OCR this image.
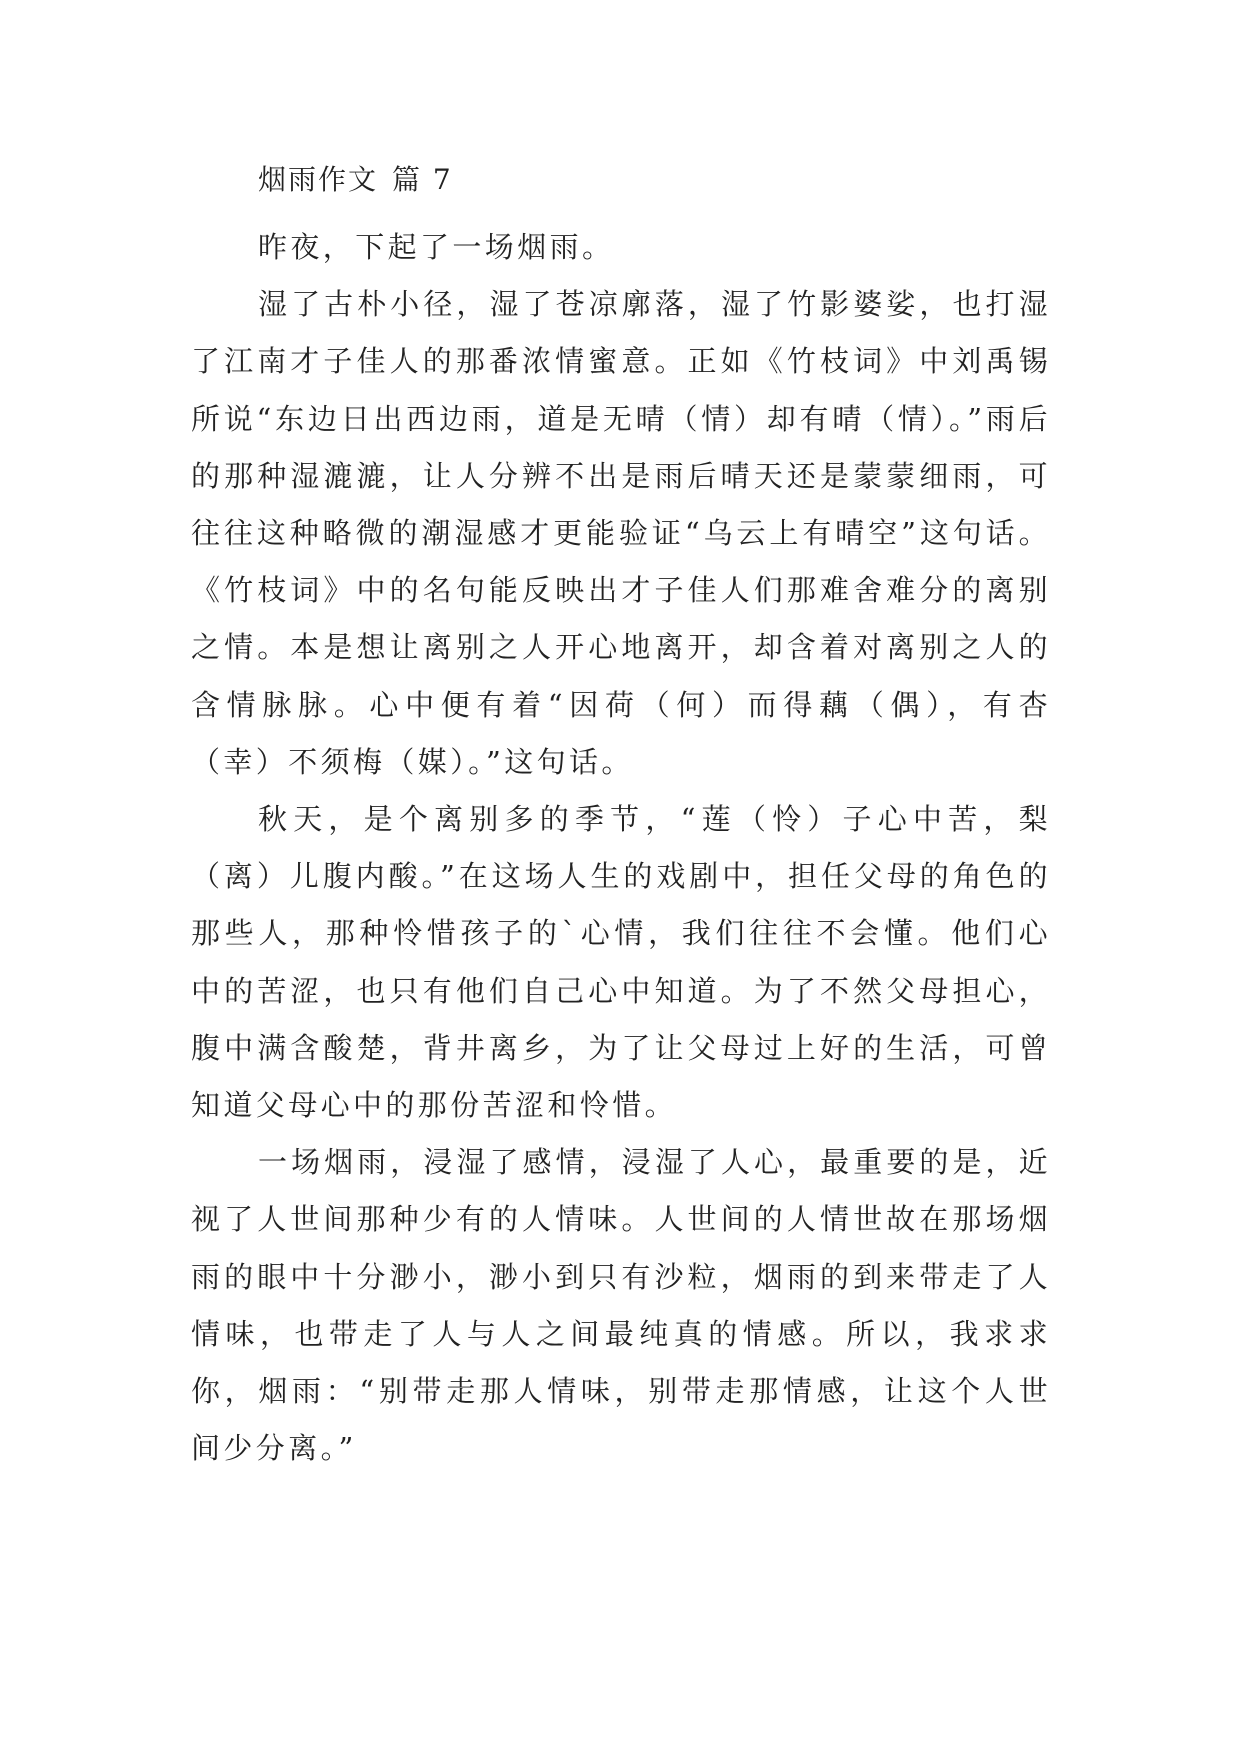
烟雨作文 篇 7

昨夜，下起了一场烟雨。

湿了古朴小径，湿了苍凉廓落，湿了竹影婆娑，也打湿了江南才子佳人的那番浓情蜜意。正如《竹枝词》中刘禹锡所说“东边日出西边雨，道是无晴（情）却有晴（情）。”雨后的那种湿漉漉，让人分辨不出是雨后晴天还是蒙蒙细雨，可往往这种略微的潮湿感才更能验证“乌云上有晴空”这句话。《竹枝词》中的名句能反映出才子佳人们那难舍难分的离别之情。本是想让离别之人开心地离开，却含着对离别之人的含情脉脉。心中便有着“因荷（何）而得藕（偶），有杏（幸）不须梅（媒）。”这句话。

秋天，是个离别多的季节，“莲（怜）子心中苦，梨（离）儿腹内酸。”在这场人生的戏剧中，担任父母的角色的那些人，那种怜惜孩子的`心情，我们往往不会懂。他们心中的苦涩，也只有他们自己心中知道。为了不然父母担心，腹中满含酸楚，背井离乡，为了让父母过上好的生活，可曾知道父母心中的那份苦涩和怜惜。

一场烟雨，浸湿了感情，浸湿了人心，最重要的是，近视了人世间那种少有的人情味。人世间的人情世故在那场烟雨的眼中十分渺小，渺小到只有沙粒，烟雨的到来带走了人情味，也带走了人与人之间最纯真的情感。所以，我求求你，烟雨：“别带走那人情味，别带走那情感，让这个人世间少分离。”
